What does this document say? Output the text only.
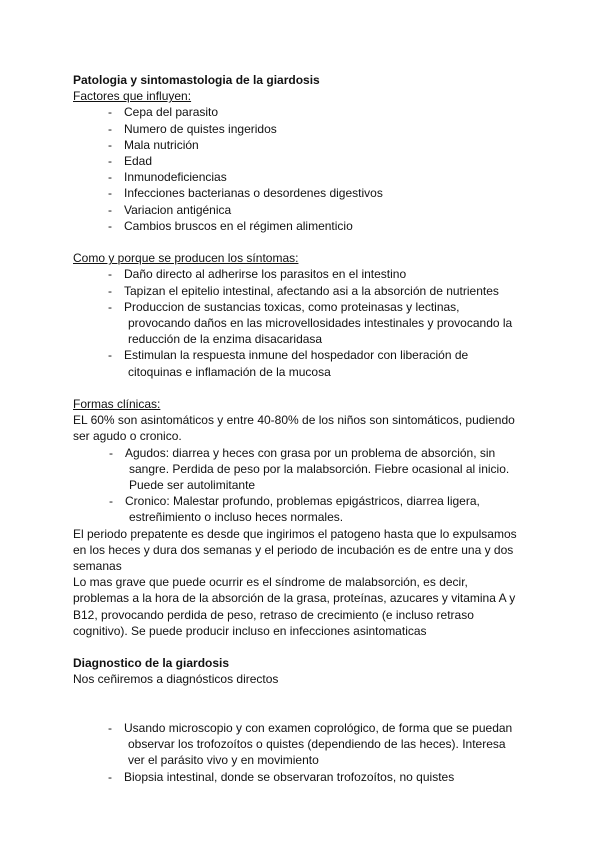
Patologia y sintomastologia de la giardosis

Factores que influyen:

- Cepa del parasito
- Numero de quistes ingeridos
- Mala nutrición
- Edad
- Inmunodeficiencias
- Infecciones bacterianas o desordenes digestivos
- Variacion antigénica
- Cambios bruscos en el régimen alimenticio

Como y porque se producen los síntomas:

- Daño directo al adherirse los parasitos en el intestino
- Tapizan el epitelio intestinal, afectando asi a la absorción de nutrientes
- Produccion de sustancias toxicas, como proteinasas y lectinas,
provocando daños en las microvellosidades intestinales y provocando la
reducción de la enzima disacaridasa
- Estimulan la respuesta inmune del hospedador con liberación de
citoquinas e inflamación de la mucosa

Formas clínicas:

EL 60% son asintomáticos y entre 40-80% de los niños son sintomáticos, pudiendo

ser agudo o cronico.

- Agudos: diarrea y heces con grasa por un problema de absorción, sin
sangre. Perdida de peso por la malabsorción. Fiebre ocasional al inicio.
Puede ser autolimitante
- Cronico: Malestar profundo, problemas epigástricos, diarrea ligera,
estreñimiento o incluso heces normales.

El periodo prepatente es desde que ingirimos el patogeno hasta que lo expulsamos

en los heces y dura dos semanas y el periodo de incubación es de entre una y dos

semanas

Lo mas grave que puede ocurrir es el síndrome de malabsorción, es decir,

problemas a la hora de la absorción de la grasa, proteínas, azucares y vitamina A y

B12, provocando perdida de peso, retraso de crecimiento (e incluso retraso

cognitivo). Se puede producir incluso en infecciones asintomaticas

Diagnostico de la giardosis

Nos ceñiremos a diagnósticos directos

- Usando microscopio y con examen coprológico, de forma que se puedan
observar los trofozoítos o quistes (dependiendo de las heces). Interesa
ver el parásito vivo y en movimiento
- Biopsia intestinal, donde se observaran trofozoítos, no quistes
